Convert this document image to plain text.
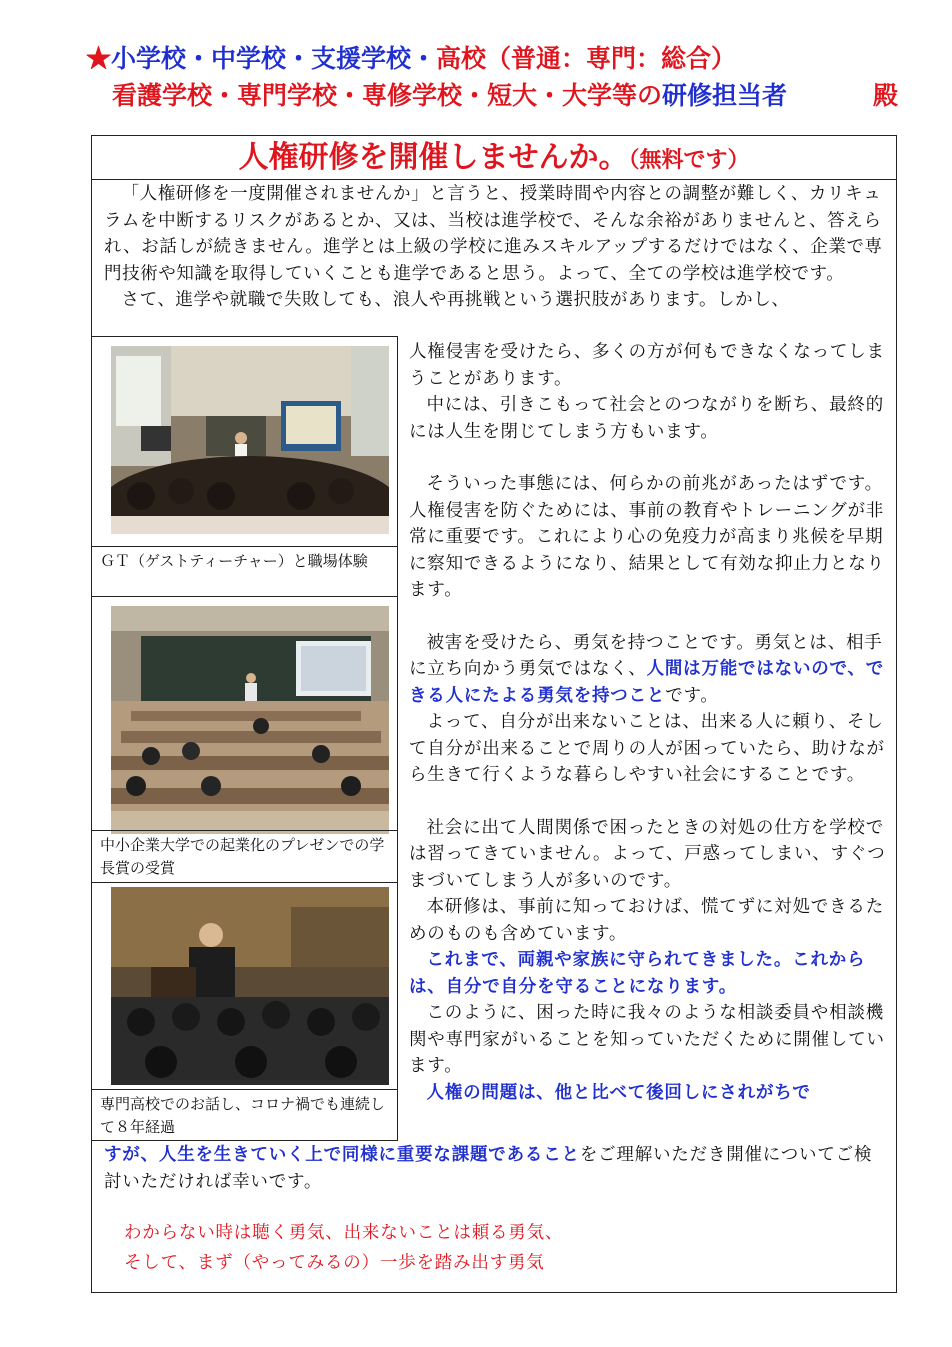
★小学校・中学校・支援学校・高校（普通：専門：総合）
看護学校・専門学校・専修学校・短大・大学等の研修担当者	殿
人権研修を開催しませんか。（無料です）
「人権研修を一度開催されませんか」と言うと、授業時間や内容との調整が難しく、カリキュラムを中断するリスクがあるとか、又は、当校は進学校で、そんな余裕がありませんと、答えられ、お話しが続きません。進学とは上級の学校に進みスキルアップするだけではなく、企業で専門技術や知識を取得していくことも進学であると思う。よって、全ての学校は進学校です。
さて、進学や就職で失敗しても、浪人や再挑戦という選択肢があります。しかし、
ＧＴ（ゲストティーチャー）と職場体験
中小企業大学での起業化のプレゼンでの学長賞の受賞
専門高校でのお話し、コロナ禍でも連続して８年経過
人権侵害を受けたら、多くの方が何もできなくなってしまうことがあります。
中には、引きこもって社会とのつながりを断ち、最終的には人生を閉じてしまう方もいます。
そういった事態には、何らかの前兆があったはずです。人権侵害を防ぐためには、事前の教育やトレーニングが非常に重要です。これにより心の免疫力が高まり兆候を早期に察知できるようになり、結果として有効な抑止力となります。
被害を受けたら、勇気を持つことです。勇気とは、相手に立ち向かう勇気ではなく、人間は万能ではないので、できる人にたよる勇気を持つことです。
よって、自分が出来ないことは、出来る人に頼り、そして自分が出来ることで周りの人が困っていたら、助けながら生きて行くような暮らしやすい社会にすることです。
社会に出て人間関係で困ったときの対処の仕方を学校では習ってきていません。よって、戸惑ってしまい、すぐつまづいてしまう人が多いのです。
本研修は、事前に知っておけば、慌てずに対処できるためのものも含めています。
これまで、両親や家族に守られてきました。これからは、自分で自分を守ることになります。
このように、困った時に我々のような相談委員や相談機関や専門家がいることを知っていただくために開催しています。
人権の問題は、他と比べて後回しにされがちで
すが、人生を生きていく上で同様に重要な課題であることをご理解いただき開催についてご検討いただければ幸いです。
わからない時は聴く勇気、出来ないことは頼る勇気、
そして、まず（やってみるの）一歩を踏み出す勇気
